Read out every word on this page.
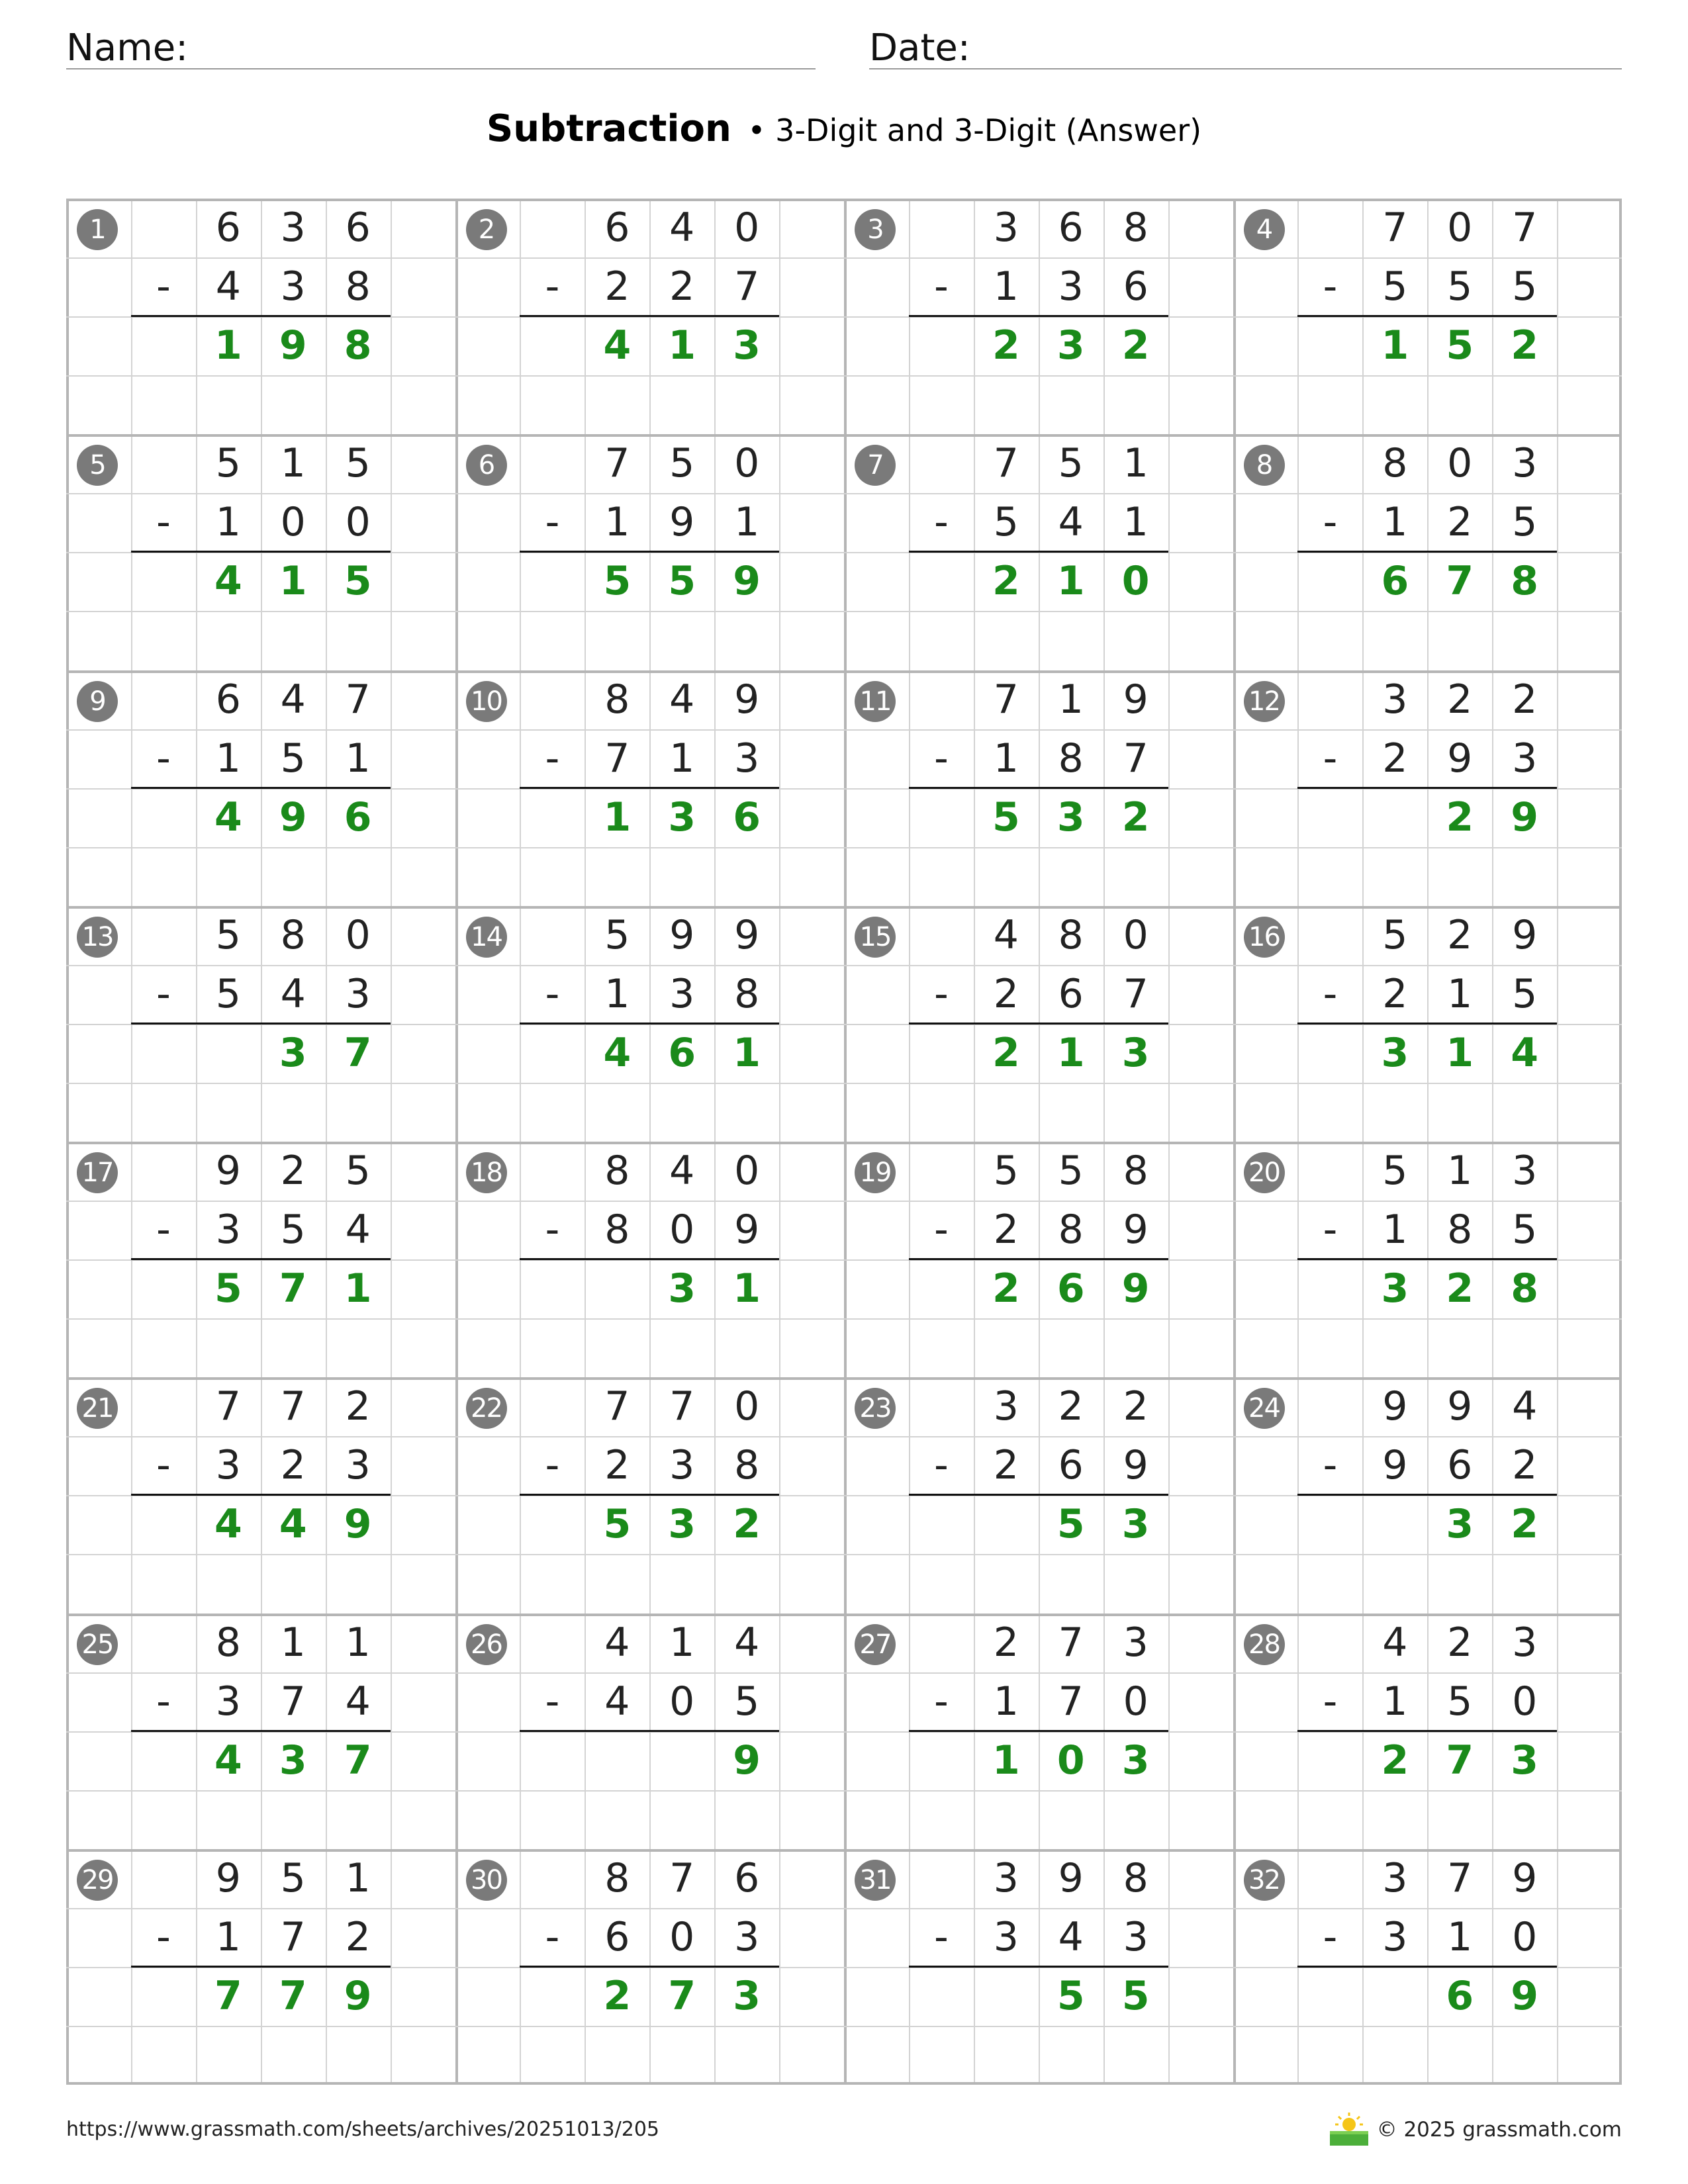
Name:	Date:
Subtraction • 3-Digit and 3-Digit (Answer)
1	6 3 6
-	4 3 8
1 9 8
2	6 4 0
-	2 2 7
4 1 3
3	3 6 8
-	1 3 6
2 3 2
4	7 0 7
-	5 5 5
1 5 2
5	5 1 5
-	1 0 0
4 1 5
6	7 5 0
-	1 9 1
5 5 9
7	7 5 1
-	5 4 1
2 1 0
8	8 0 3
-	1 2 5
6 7 8
9	6 4 7
-	1 5 1
4 9 6
10	8 4 9
-	7 1 3
1 3 6
11	7 1 9
-	1 8 7
5 3 2
12	3 2 2
-	2 9 3
2 9
13	5 8 0
-	5 4 3
3 7
14	5 9 9
-	1 3 8
4 6 1
15	4 8 0
-	2 6 7
2 1 3
16	5 2 9
-	2 1 5
3 1 4
17	9 2 5
-	3 5 4
5 7 1
18	8 4 0
-	8 0 9
3 1
19	5 5 8
-	2 8 9
2 6 9
20	5 1 3
-	1 8 5
3 2 8
21	7 7 2
-	3 2 3
4 4 9
22	7 7 0
-	2 3 8
5 3 2
23	3 2 2
-	2 6 9
5 3
24	9 9 4
-	9 6 2
3 2
25	8 1 1
-	3 7 4
4 3 7
26	4 1 4
-	4 0 5
9
27	2 7 3
-	1 7 0
1 0 3
28	4 2 3
-	1 5 0
2 7 3
29	9 5 1
-	1 7 2
7 7 9
30	8 7 6
-	6 0 3
2 7 3
31	3 9 8
-	3 4 3
5 5
32	3 7 9
-	3 1 0
6 9
https://www.grassmath.com/sheets/archives/20251013/205	© 2025 grassmath.com
